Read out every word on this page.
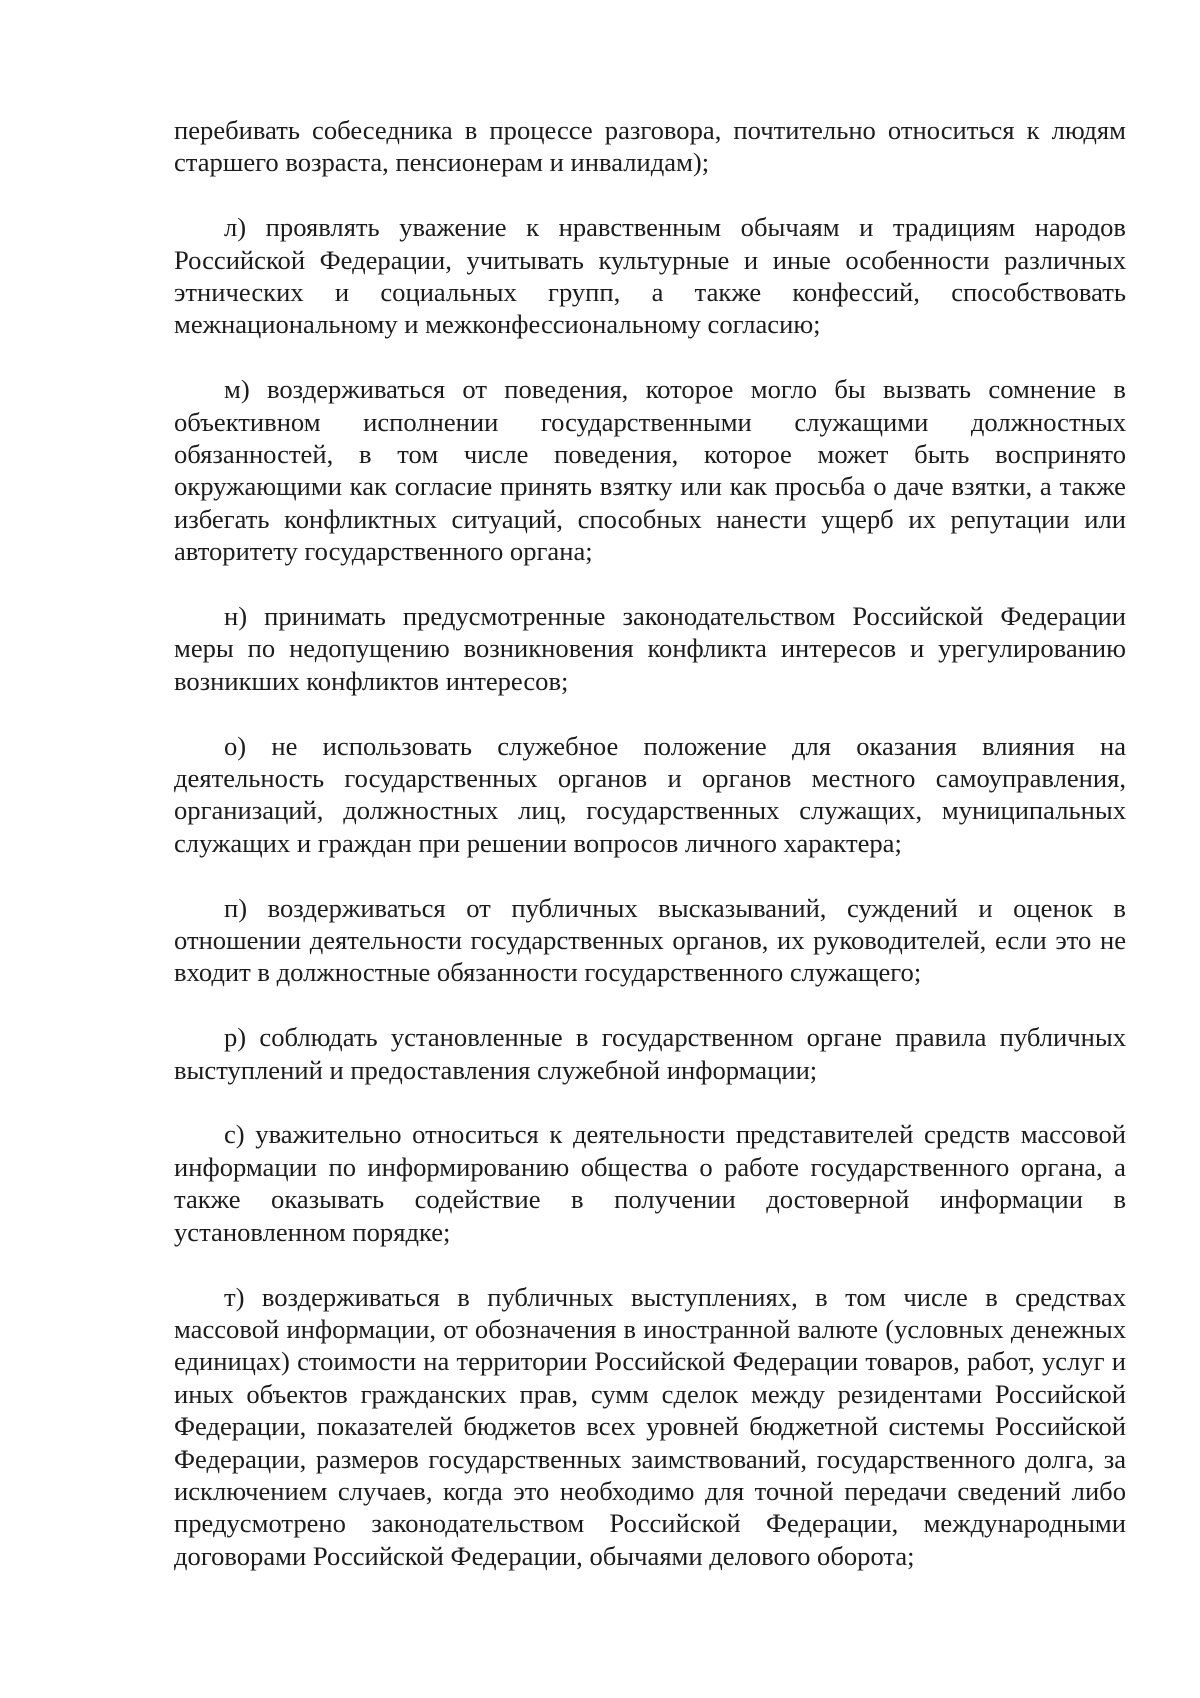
перебивать собеседника в процессе разговора, почтительно относиться к людям старшего возраста, пенсионерам и инвалидам);

л) проявлять уважение к нравственным обычаям и традициям народов Российской Федерации, учитывать культурные и иные особенности различных этнических и социальных групп, а также конфессий, способствовать межнациональному и межконфессиональному согласию;

м) воздерживаться от поведения, которое могло бы вызвать сомнение в объективном исполнении государственными служащими должностных обязанностей, в том числе поведения, которое может быть воспринято окружающими как согласие принять взятку или как просьба о даче взятки, а также избегать конфликтных ситуаций, способных нанести ущерб их репутации или авторитету государственного органа;

н) принимать предусмотренные законодательством Российской Федерации меры по недопущению возникновения конфликта интересов и урегулированию возникших конфликтов интересов;

о) не использовать служебное положение для оказания влияния на деятельность государственных органов и органов местного самоуправления, организаций, должностных лиц, государственных служащих, муниципальных служащих и граждан при решении вопросов личного характера;

п) воздерживаться от публичных высказываний, суждений и оценок в отношении деятельности государственных органов, их руководителей, если это не входит в должностные обязанности государственного служащего;

р) соблюдать установленные в государственном органе правила публичных выступлений и предоставления служебной информации;

с) уважительно относиться к деятельности представителей средств массовой информации по информированию общества о работе государственного органа, а также оказывать содействие в получении достоверной информации в установленном порядке;

т) воздерживаться в публичных выступлениях, в том числе в средствах массовой информации, от обозначения в иностранной валюте (условных денежных единицах) стоимости на территории Российской Федерации товаров, работ, услуг и иных объектов гражданских прав, сумм сделок между резидентами Российской Федерации, показателей бюджетов всех уровней бюджетной системы Российской Федерации, размеров государственных заимствований, государственного долга, за исключением случаев, когда это необходимо для точной передачи сведений либо предусмотрено законодательством Российской Федерации, международными договорами Российской Федерации, обычаями делового оборота;
